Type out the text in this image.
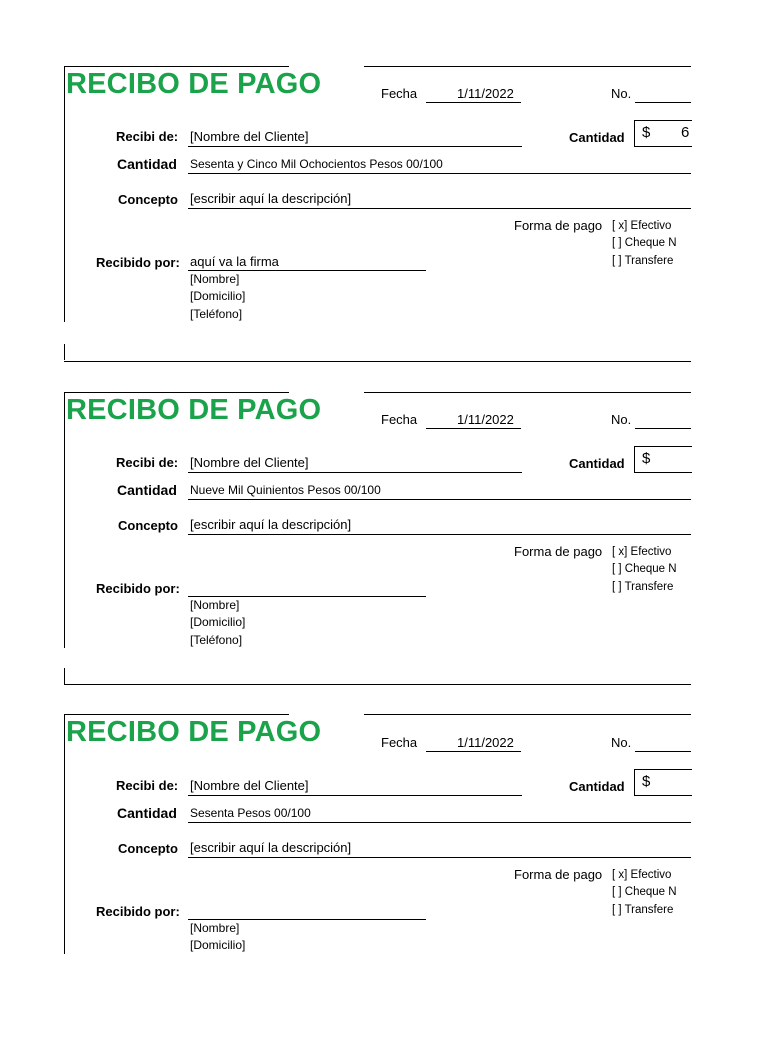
RECIBO DE PAGO	Fecha	1/11/2022	No.
Recibi de: [Nombre del Cliente]	Cantidad $ 6
Cantidad Sesenta y Cinco Mil Ochocientos Pesos 00/100
Concepto [escribir aquí la descripción]
Forma de pago [ x] Efectivo
[ ] Cheque N
[ ] Transfere
Recibido por: aquí va la firma
[Nombre]
[Domicilio]
[Teléfono]
RECIBO DE PAGO	Fecha	1/11/2022	No.
Recibi de: [Nombre del Cliente]	Cantidad $
Cantidad Nueve Mil Quinientos Pesos 00/100
Concepto [escribir aquí la descripción]
Forma de pago [ x] Efectivo
[ ] Cheque N
[ ] Transfere
Recibido por:
[Nombre]
[Domicilio]
[Teléfono]
RECIBO DE PAGO	Fecha	1/11/2022	No.
Recibi de: [Nombre del Cliente]	Cantidad $
Cantidad Sesenta Pesos 00/100
Concepto [escribir aquí la descripción]
Forma de pago [ x] Efectivo
[ ] Cheque N
[ ] Transfere
Recibido por:
[Nombre]
[Domicilio]
